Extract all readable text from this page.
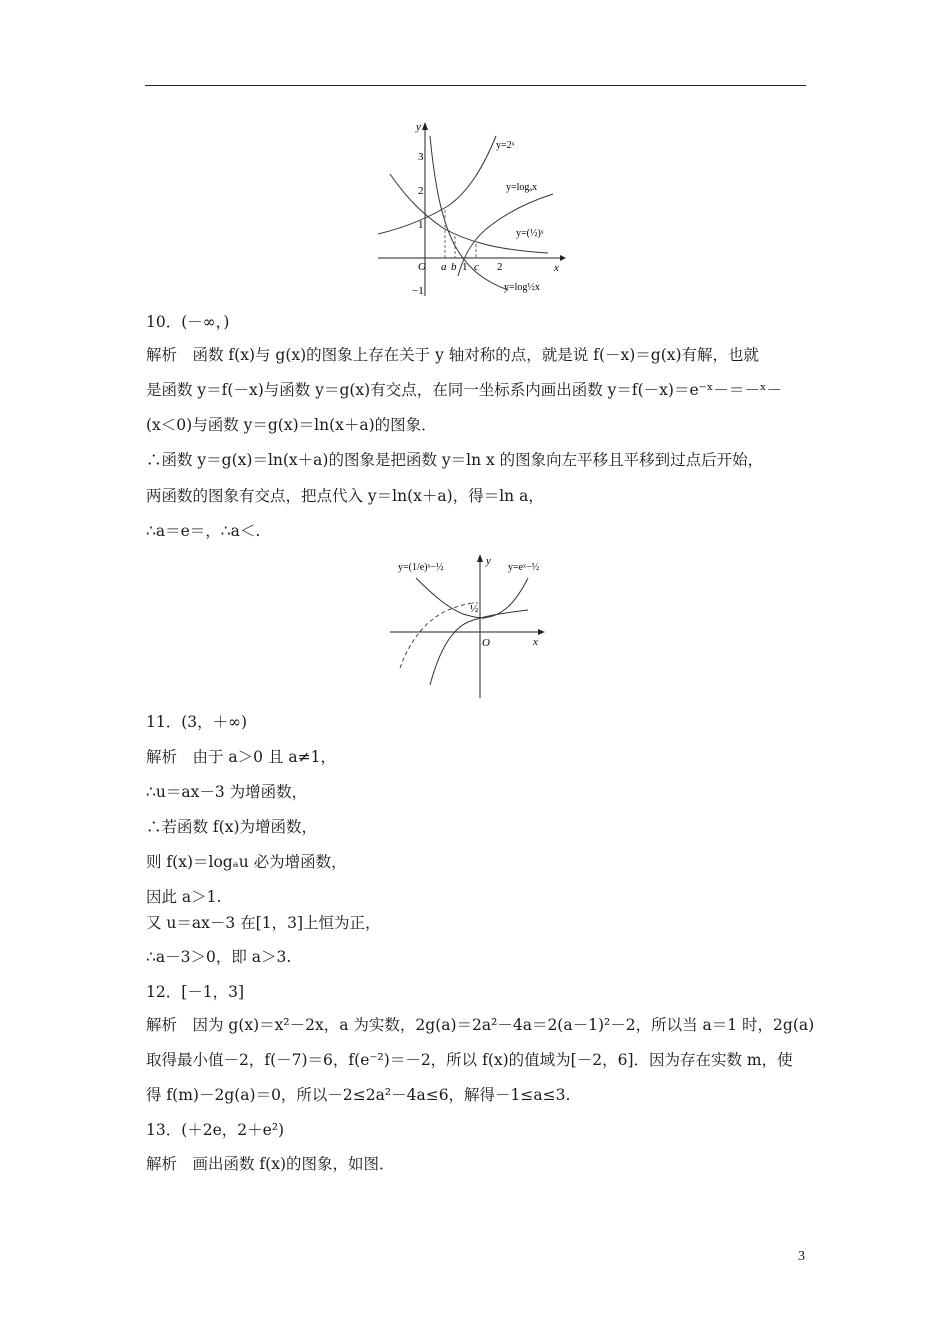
y
x
O
3
2
1
−1
a b 1 c 2
y=2ˣ
y=logₐx
y=(½)ˣ
y=log½x
10．(－∞，)
解析　函数 f(x)与 g(x)的图象上存在关于 y 轴对称的点，就是说 f(－x)＝g(x)有解，也就
是函数 y＝f(－x)与函数 y＝g(x)有交点，在同一坐标系内画出函数 y＝f(－x)＝e⁻ˣ－＝－ˣ－
(x＜0)与函数 y＝g(x)＝ln(x＋a)的图象．
∴函数 y＝g(x)＝ln(x＋a)的图象是把函数 y＝ln x 的图象向左平移且平移到过点后开始，
两函数的图象有交点，把点代入 y＝ln(x＋a)，得＝ln a，
∴a＝e＝，∴a＜.
y
x
O
½
y=(1/e)ˣ−½	y=eˣ−½
11．(3，＋∞)
解析　由于 a＞0 且 a≠1，
∴u＝ax－3 为增函数，
∴若函数 f(x)为增函数，
则 f(x)＝logₐu 必为增函数，
因此 a＞1.
又 u＝ax－3 在[1，3]上恒为正，
∴a－3＞0，即 a＞3.
12．[－1，3]
解析　因为 g(x)＝x²－2x，a 为实数，2g(a)＝2a²－4a＝2(a－1)²－2，所以当 a＝1 时，2g(a)
取得最小值－2，f(－7)＝6，f(e⁻²)＝－2，所以 f(x)的值域为[－2，6]．因为存在实数 m，使
得 f(m)－2g(a)＝0，所以－2≤2a²－4a≤6，解得－1≤a≤3.
13．(＋2e，2＋e²)
解析　画出函数 f(x)的图象，如图．
3
